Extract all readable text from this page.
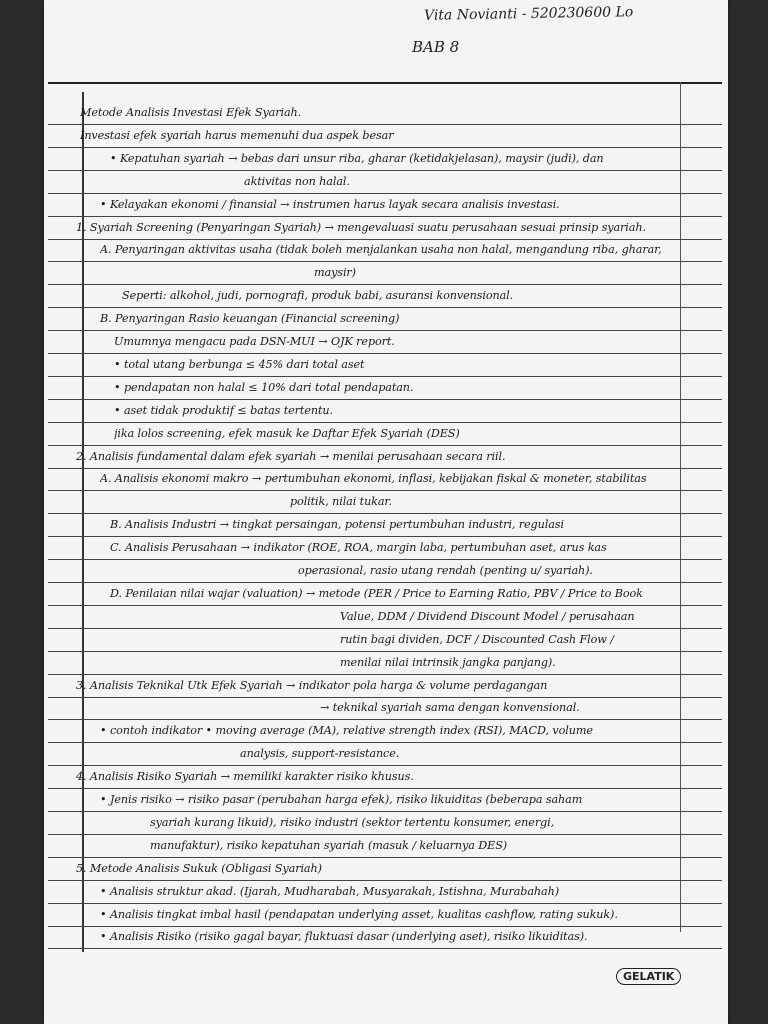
Vita Novianti - 520230600 Lo
BAB 8
Metode Analisis Investasi Efek Syariah.
Investasi efek syariah harus memenuhi dua aspek besar
• Kepatuhan syariah → bebas dari unsur riba, gharar (ketidakjelasan), maysir (judi), dan
aktivitas non halal.
• Kelayakan ekonomi / finansial → instrumen harus layak secara analisis investasi.
1. Syariah Screening (Penyaringan Syariah) → mengevaluasi suatu perusahaan sesuai prinsip syariah.
A. Penyaringan aktivitas usaha (tidak boleh menjalankan usaha non halal, mengandung riba, gharar,
maysir)
Seperti: alkohol, judi, pornografi, produk babi, asuransi konvensional.
B. Penyaringan Rasio keuangan (Financial screening)
Umumnya mengacu pada DSN-MUI → OJK report.
• total utang berbunga ≤ 45% dari total aset
• pendapatan non halal ≤ 10% dari total pendapatan.
• aset tidak produktif ≤ batas tertentu.
jika lolos screening, efek masuk ke Daftar Efek Syariah (DES)
2. Analisis fundamental dalam efek syariah → menilai perusahaan secara riil.
A. Analisis ekonomi makro → pertumbuhan ekonomi, inflasi, kebijakan fiskal & moneter, stabilitas
politik, nilai tukar.
B. Analisis Industri → tingkat persaingan, potensi pertumbuhan industri, regulasi
C. Analisis Perusahaan → indikator (ROE, ROA, margin laba, pertumbuhan aset, arus kas
operasional, rasio utang rendah (penting u/ syariah).
D. Penilaian nilai wajar (valuation) → metode (PER / Price to Earning Ratio, PBV / Price to Book
Value, DDM / Dividend Discount Model / perusahaan
rutin bagi dividen, DCF / Discounted Cash Flow /
menilai nilai intrinsik jangka panjang).
3. Analisis Teknikal Utk Efek Syariah → indikator pola harga & volume perdagangan
→ teknikal syariah sama dengan konvensional.
• contoh indikator • moving average (MA), relative strength index (RSI), MACD, volume
analysis, support-resistance.
4. Analisis Risiko Syariah → memiliki karakter risiko khusus.
• Jenis risiko → risiko pasar (perubahan harga efek), risiko likuiditas (beberapa saham
syariah kurang likuid), risiko industri (sektor tertentu konsumer, energi,
manufaktur), risiko kepatuhan syariah (masuk / keluarnya DES)
5. Metode Analisis Sukuk (Obligasi Syariah)
• Analisis struktur akad. (Ijarah, Mudharabah, Musyarakah, Istishna, Murabahah)
• Analisis tingkat imbal hasil (pendapatan underlying asset, kualitas cashflow, rating sukuk).
• Analisis Risiko (risiko gagal bayar, fluktuasi dasar (underlying aset), risiko likuiditas).
GELATIK
